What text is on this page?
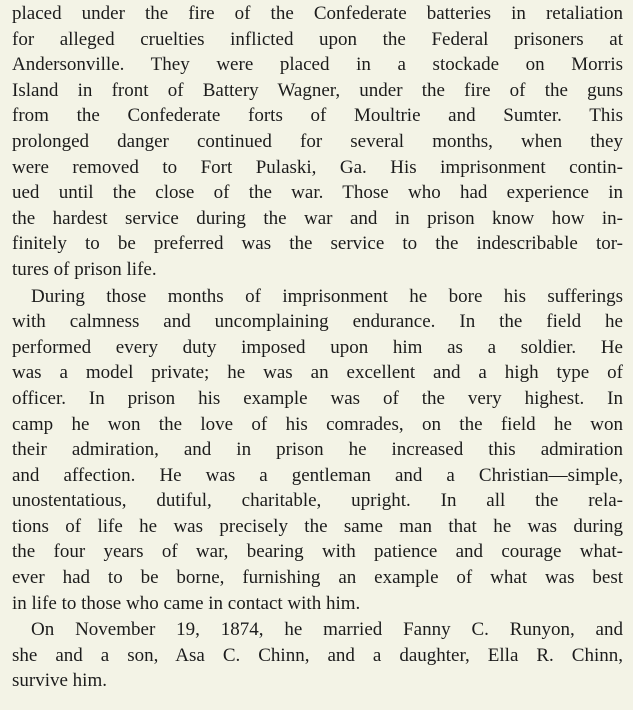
placed under the fire of the Confederate batteries in retaliation
for alleged cruelties inflicted upon the Federal prisoners at
Andersonville. They were placed in a stockade on Morris
Island in front of Battery Wagner, under the fire of the guns
from the Confederate forts of Moultrie and Sumter. This
prolonged danger continued for several months, when they
were removed to Fort Pulaski, Ga. His imprisonment contin-
ued until the close of the war. Those who had experience in
the hardest service during the war and in prison know how in-
finitely to be preferred was the service to the indescribable tor-
tures of prison life.
During those months of imprisonment he bore his sufferings
with calmness and uncomplaining endurance. In the field he
performed every duty imposed upon him as a soldier. He
was a model private; he was an excellent and a high type of
officer. In prison his example was of the very highest. In
camp he won the love of his comrades, on the field he won
their admiration, and in prison he increased this admiration
and affection. He was a gentleman and a Christian—simple,
unostentatious, dutiful, charitable, upright. In all the rela-
tions of life he was precisely the same man that he was during
the four years of war, bearing with patience and courage what-
ever had to be borne, furnishing an example of what was best
in life to those who came in contact with him.
On November 19, 1874, he married Fanny C. Runyon, and
she and a son, Asa C. Chinn, and a daughter, Ella R. Chinn,
survive him.
